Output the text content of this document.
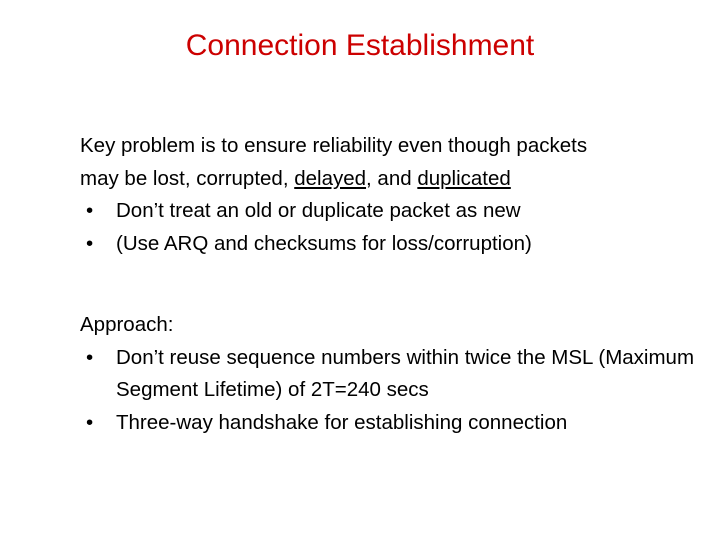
Connection Establishment
Key problem is to ensure reliability even though packets
may be lost, corrupted, delayed, and duplicated
•	Don’t treat an old or duplicate packet as new
•	(Use ARQ and checksums for loss/corruption)
Approach:
•	Don’t reuse sequence numbers within twice the MSL (Maximum Segment Lifetime) of 2T=240 secs
•	Three-way handshake for establishing connection
